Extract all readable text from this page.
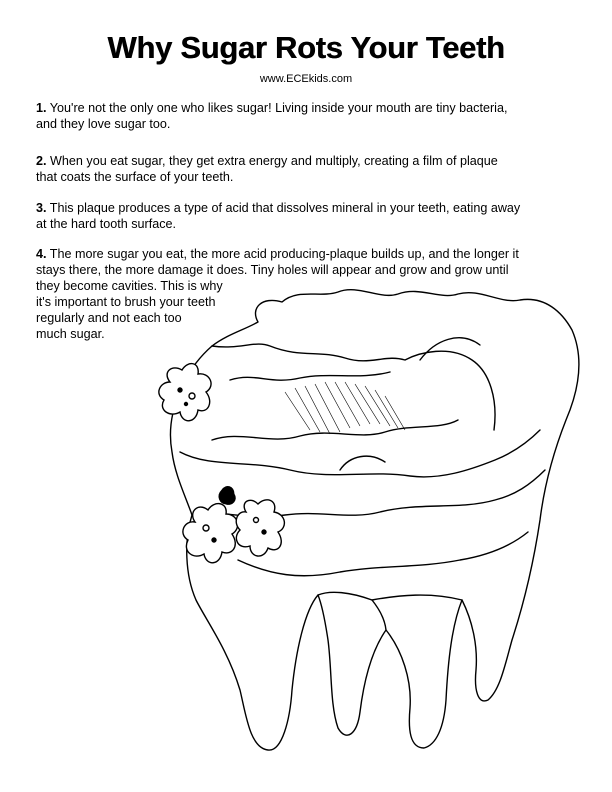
Why Sugar Rots Your Teeth
www.ECEkids.com
1. You're not the only one who likes sugar! Living inside your mouth are tiny bacteria,
and they love sugar too.
2. When you eat sugar, they get extra energy and multiply, creating a film of plaque
that coats the surface of your teeth.
3. This plaque produces a type of acid that dissolves mineral in your teeth, eating away
at the hard tooth surface.
4. The more sugar you eat, the more acid producing-plaque builds up, and the longer it
stays there, the more damage it does. Tiny holes will appear and grow and grow until
they become cavities. This is why
it's important to brush your teeth
regularly and not each too
much sugar.
